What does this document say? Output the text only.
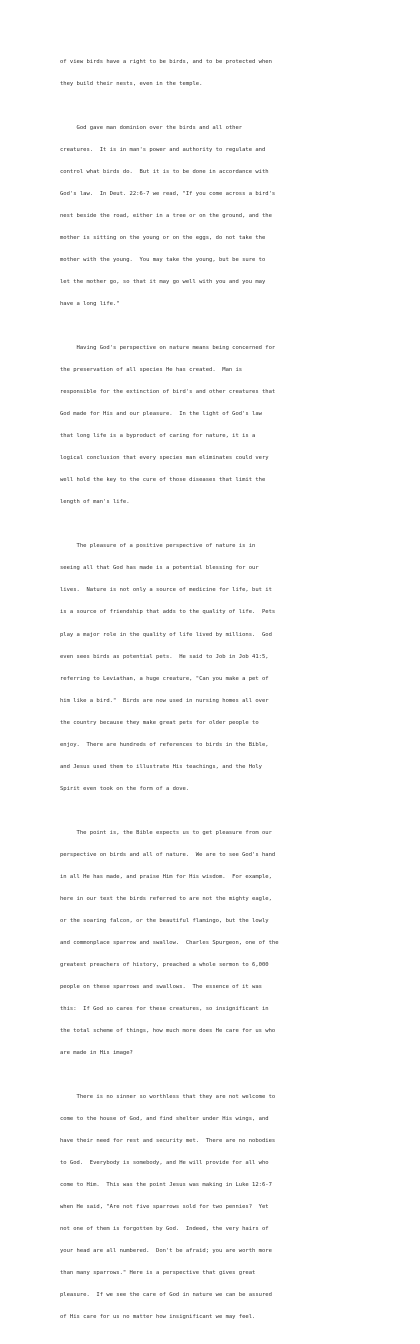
of view birds have a right to be birds, and to be protected when

they build their nests, even in the temple.

God gave man dominion over the birds and all other

creatures.  It is in man's power and authority to regulate and

control what birds do.  But it is to be done in accordance with

God's law.  In Deut. 22:6-7 we read, "If you come across a bird's

nest beside the road, either in a tree or on the ground, and the

mother is sitting on the young or on the eggs, do not take the

mother with the young.  You may take the young, but be sure to

let the mother go, so that it may go well with you and you may

have a long life."

Having God's perspective on nature means being concerned for

the preservation of all species He has created.  Man is

responsible for the extinction of bird's and other creatures that

God made for His and our pleasure.  In the light of God's law

that long life is a byproduct of caring for nature, it is a

logical conclusion that every species man eliminates could very

well hold the key to the cure of those diseases that limit the

length of man's life.

The pleasure of a positive perspective of nature is in

seeing all that God has made is a potential blessing for our

lives.  Nature is not only a source of medicine for life, but it

is a source of friendship that adds to the quality of life.  Pets

play a major role in the quality of life lived by millions.  God

even sees birds as potential pets.  He said to Job in Job 41:5,

referring to Leviathan, a huge creature, "Can you make a pet of

him like a bird."  Birds are now used in nursing homes all over

the country because they make great pets for older people to

enjoy.  There are hundreds of references to birds in the Bible,

and Jesus used them to illustrate His teachings, and the Holy

Spirit even took on the form of a dove.

The point is, the Bible expects us to get pleasure from our

perspective on birds and all of nature.  We are to see God's hand

in all He has made, and praise Him for His wisdom.  For example,

here in our text the birds referred to are not the mighty eagle,

or the soaring falcon, or the beautiful flamingo, but the lowly

and commonplace sparrow and swallow.  Charles Spurgeon, one of the

greatest preachers of history, preached a whole sermon to 6,000

people on these sparrows and swallows.  The essence of it was

this:  If God so cares for these creatures, so insignificant in

the total scheme of things, how much more does He care for us who

are made in His image?

There is no sinner so worthless that they are not welcome to

come to the house of God, and find shelter under His wings, and

have their need for rest and security met.  There are no nobodies

to God.  Everybody is somebody, and He will provide for all who

come to Him.  This was the point Jesus was making in Luke 12:6-7

when He said, "Are not five sparrows sold for two pennies?  Yet

not one of them is forgotten by God.  Indeed, the very hairs of

your head are all numbered.  Don't be afraid; you are worth more

than many sparrows." Here is a perspective that gives great

pleasure.  If we see the care of God in nature we can be assured

of His care for us no matter how insignificant we may feel.
